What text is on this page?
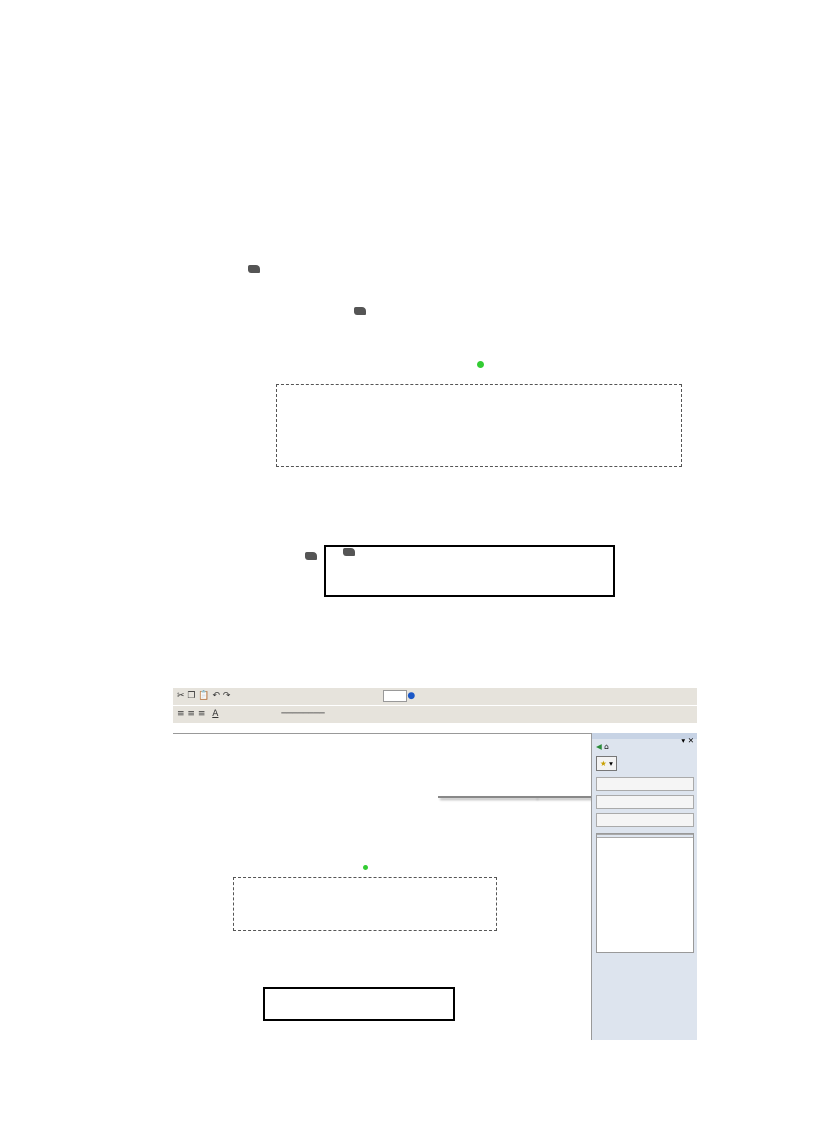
✂ ❐ 📋 ↶ ↷	●
≡ ≡ ≡ A	────────
▾ ✕
◀ ⌂
★ ▾
